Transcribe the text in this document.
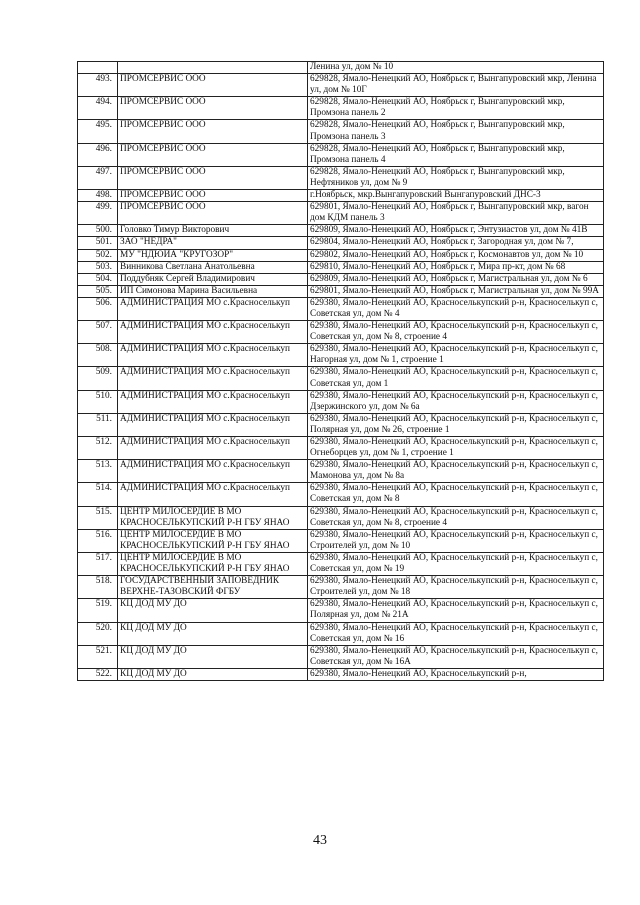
		Ленина ул, дом № 10
493.	ПРОМСЕРВИС ООО	629828, Ямало-Ненецкий АО, Ноябрьск г, Вынгапуровский мкр, Ленина ул, дом № 10Г
494.	ПРОМСЕРВИС ООО	629828, Ямало-Ненецкий АО, Ноябрьск г, Вынгапуровский мкр, Промзона панель 2
495.	ПРОМСЕРВИС ООО	629828, Ямало-Ненецкий АО, Ноябрьск г, Вынгапуровский мкр, Промзона панель 3
496.	ПРОМСЕРВИС ООО	629828, Ямало-Ненецкий АО, Ноябрьск г, Вынгапуровский мкр, Промзона панель 4
497.	ПРОМСЕРВИС ООО	629828, Ямало-Ненецкий АО, Ноябрьск г, Вынгапуровский мкр, Нефтяников ул, дом № 9
498.	ПРОМСЕРВИС ООО	г.Ноябрьск, мкр.Вынгапуровский Вынгапуровский ДНС-3
499.	ПРОМСЕРВИС ООО	629801, Ямало-Ненецкий АО, Ноябрьск г, Вынгапуровский мкр, вагон дом КДМ панель 3
500.	Головко Тимур Викторович	629809, Ямало-Ненецкий АО, Ноябрьск г, Энтузиастов ул, дом № 41В
501.	ЗАО "НЕДРА"	629804, Ямало-Ненецкий АО, Ноябрьск г, Загородная ул, дом № 7,
502.	МУ "НДЮИА "КРУГОЗОР"	629802, Ямало-Ненецкий АО, Ноябрьск г, Космонавтов ул, дом № 10
503.	Винникова Светлана Анатольевна	629810, Ямало-Ненецкий АО, Ноябрьск г, Мира пр-кт, дом № 68
504.	Поддубняк Сергей Владимирович	629809, Ямало-Ненецкий АО, Ноябрьск г, Магистральная ул, дом № 6
505.	ИП Симонова Марина Васильевна	629801, Ямало-Ненецкий АО, Ноябрьск г, Магистральная ул, дом № 99А
506.	АДМИНИСТРАЦИЯ МО с.Красноселькуп	629380, Ямало-Ненецкий АО, Красноселькупский р-н, Красноселькуп с, Советская ул, дом № 4
507.	АДМИНИСТРАЦИЯ МО с.Красноселькуп	629380, Ямало-Ненецкий АО, Красноселькупский р-н, Красноселькуп с, Советская ул, дом № 8, строение 4
508.	АДМИНИСТРАЦИЯ МО с.Красноселькуп	629380, Ямало-Ненецкий АО, Красноселькупский р-н, Красноселькуп с, Нагорная ул, дом № 1, строение 1
509.	АДМИНИСТРАЦИЯ МО с.Красноселькуп	629380, Ямало-Ненецкий АО, Красноселькупский р-н, Красноселькуп с, Советская ул, дом 1
510.	АДМИНИСТРАЦИЯ МО с.Красноселькуп	629380, Ямало-Ненецкий АО, Красноселькупский р-н, Красноселькуп с, Дзержинского ул, дом № 6а
511.	АДМИНИСТРАЦИЯ МО с.Красноселькуп	629380, Ямало-Ненецкий АО, Красноселькупский р-н, Красноселькуп с, Полярная ул, дом № 26, строение 1
512.	АДМИНИСТРАЦИЯ МО с.Красноселькуп	629380, Ямало-Ненецкий АО, Красноселькупский р-н, Красноселькуп с, Огнеборцев ул, дом № 1, строение 1
513.	АДМИНИСТРАЦИЯ МО с.Красноселькуп	629380, Ямало-Ненецкий АО, Красноселькупский р-н, Красноселькуп с, Мамонова ул, дом № 8а
514.	АДМИНИСТРАЦИЯ МО с.Красноселькуп	629380, Ямало-Ненецкий АО, Красноселькупский р-н, Красноселькуп с, Советская ул, дом № 8
515.	ЦЕНТР МИЛОСЕРДИЕ В МО КРАСНОСЕЛЬКУПСКИЙ Р-Н ГБУ ЯНАО	629380, Ямало-Ненецкий АО, Красноселькупский р-н, Красноселькуп с, Советская ул, дом № 8, строение 4
516.	ЦЕНТР МИЛОСЕРДИЕ В МО КРАСНОСЕЛЬКУПСКИЙ Р-Н ГБУ ЯНАО	629380, Ямало-Ненецкий АО, Красноселькупский р-н, Красноселькуп с, Строителей ул, дом № 10
517.	ЦЕНТР МИЛОСЕРДИЕ В МО КРАСНОСЕЛЬКУПСКИЙ Р-Н ГБУ ЯНАО	629380, Ямало-Ненецкий АО, Красноселькупский р-н, Красноселькуп с, Советская ул, дом № 19
518.	ГОСУДАРСТВЕННЫЙ ЗАПОВЕДНИК ВЕРХНЕ-ТАЗОВСКИЙ ФГБУ	629380, Ямало-Ненецкий АО, Красноселькупский р-н, Красноселькуп с, Строителей ул, дом № 18
519.	КЦ ДОД МУ ДО	629380, Ямало-Ненецкий АО, Красноселькупский р-н, Красноселькуп с, Полярная ул, дом № 21А
520.	КЦ ДОД МУ ДО	629380, Ямало-Ненецкий АО, Красноселькупский р-н, Красноселькуп с, Советская ул, дом № 16
521.	КЦ ДОД МУ ДО	629380, Ямало-Ненецкий АО, Красноселькупский р-н, Красноселькуп с, Советская ул, дом № 16А
522.	КЦ ДОД МУ ДО	629380, Ямало-Ненецкий АО, Красноселькупский р-н,
43
